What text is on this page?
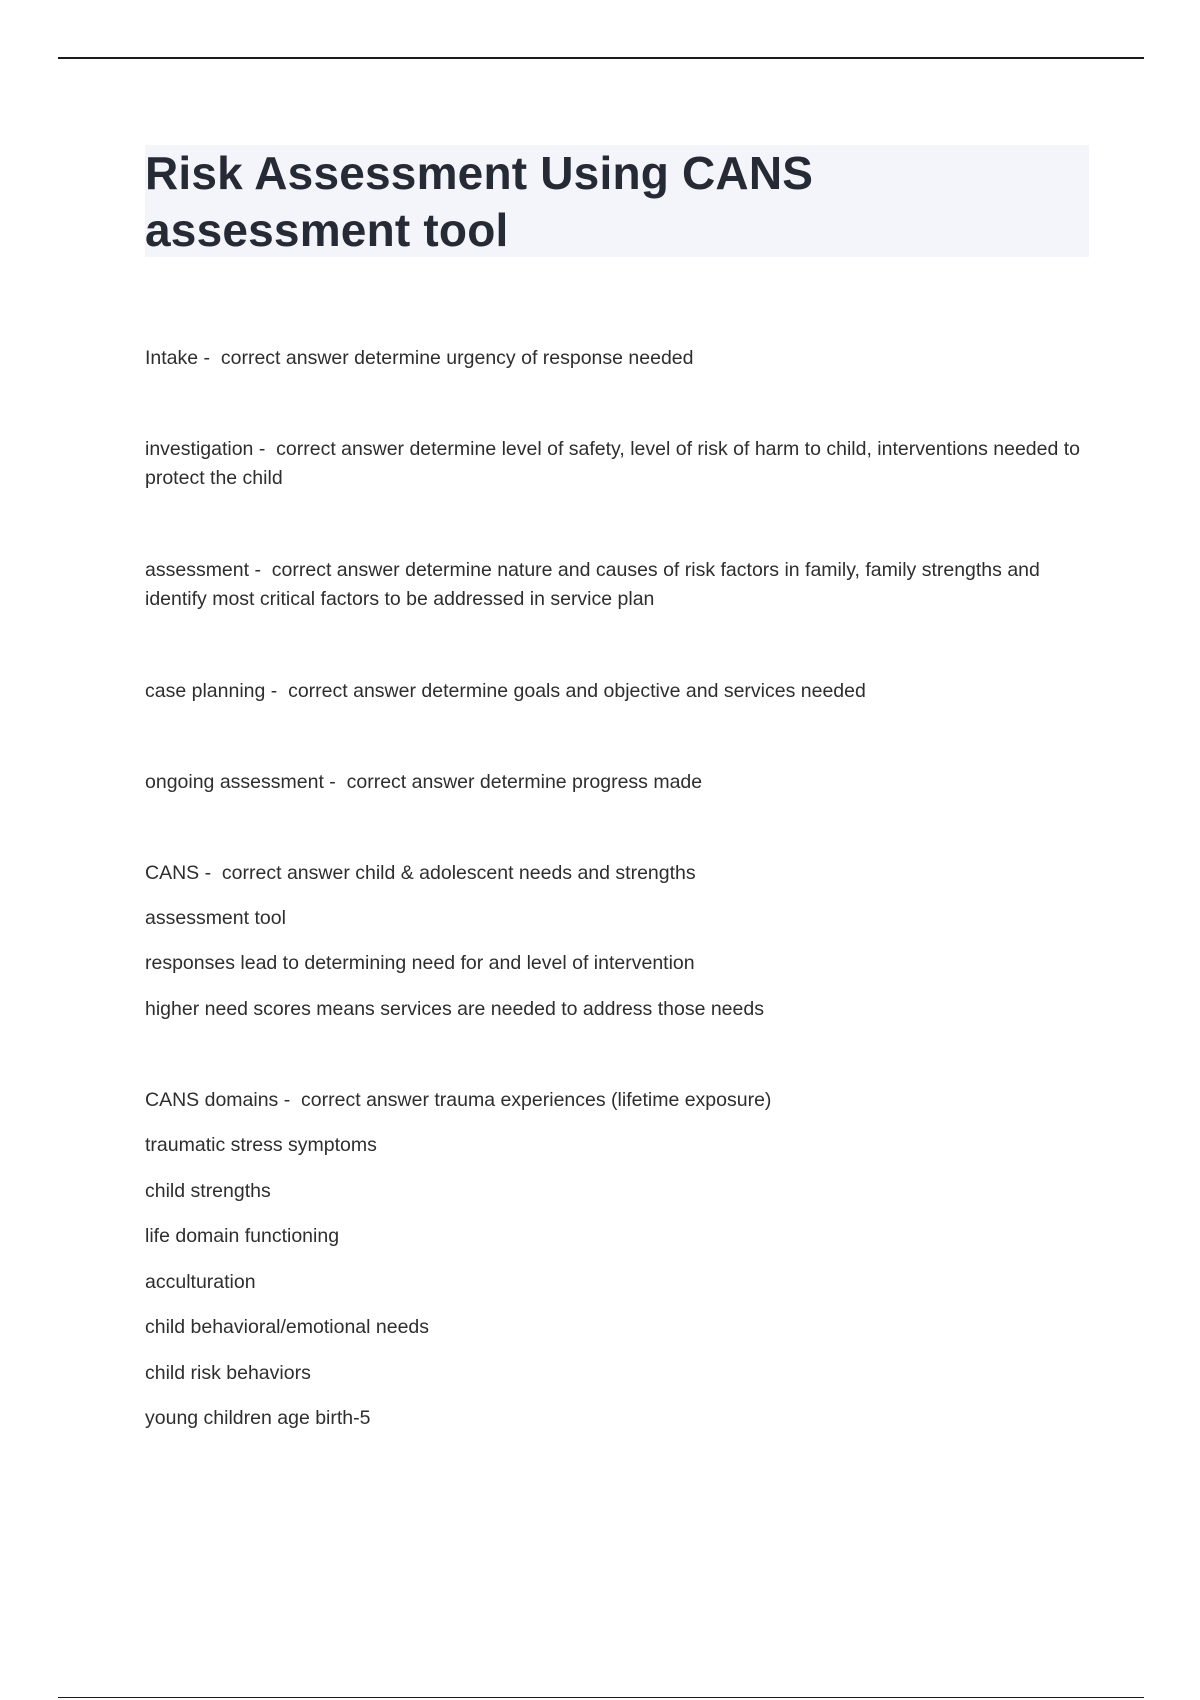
Risk Assessment Using CANS assessment tool

Intake -  correct answer determine urgency of response needed

investigation -  correct answer determine level of safety, level of risk of harm to child, interventions needed to protect the child

assessment -  correct answer determine nature and causes of risk factors in family, family strengths and identify most critical factors to be addressed in service plan

case planning -  correct answer determine goals and objective and services needed

ongoing assessment -  correct answer determine progress made

CANS -  correct answer child & adolescent needs and strengths

assessment tool

responses lead to determining need for and level of intervention

higher need scores means services are needed to address those needs

CANS domains -  correct answer trauma experiences (lifetime exposure)

traumatic stress symptoms

child strengths

life domain functioning

acculturation

child behavioral/emotional needs

child risk behaviors

young children age birth-5
